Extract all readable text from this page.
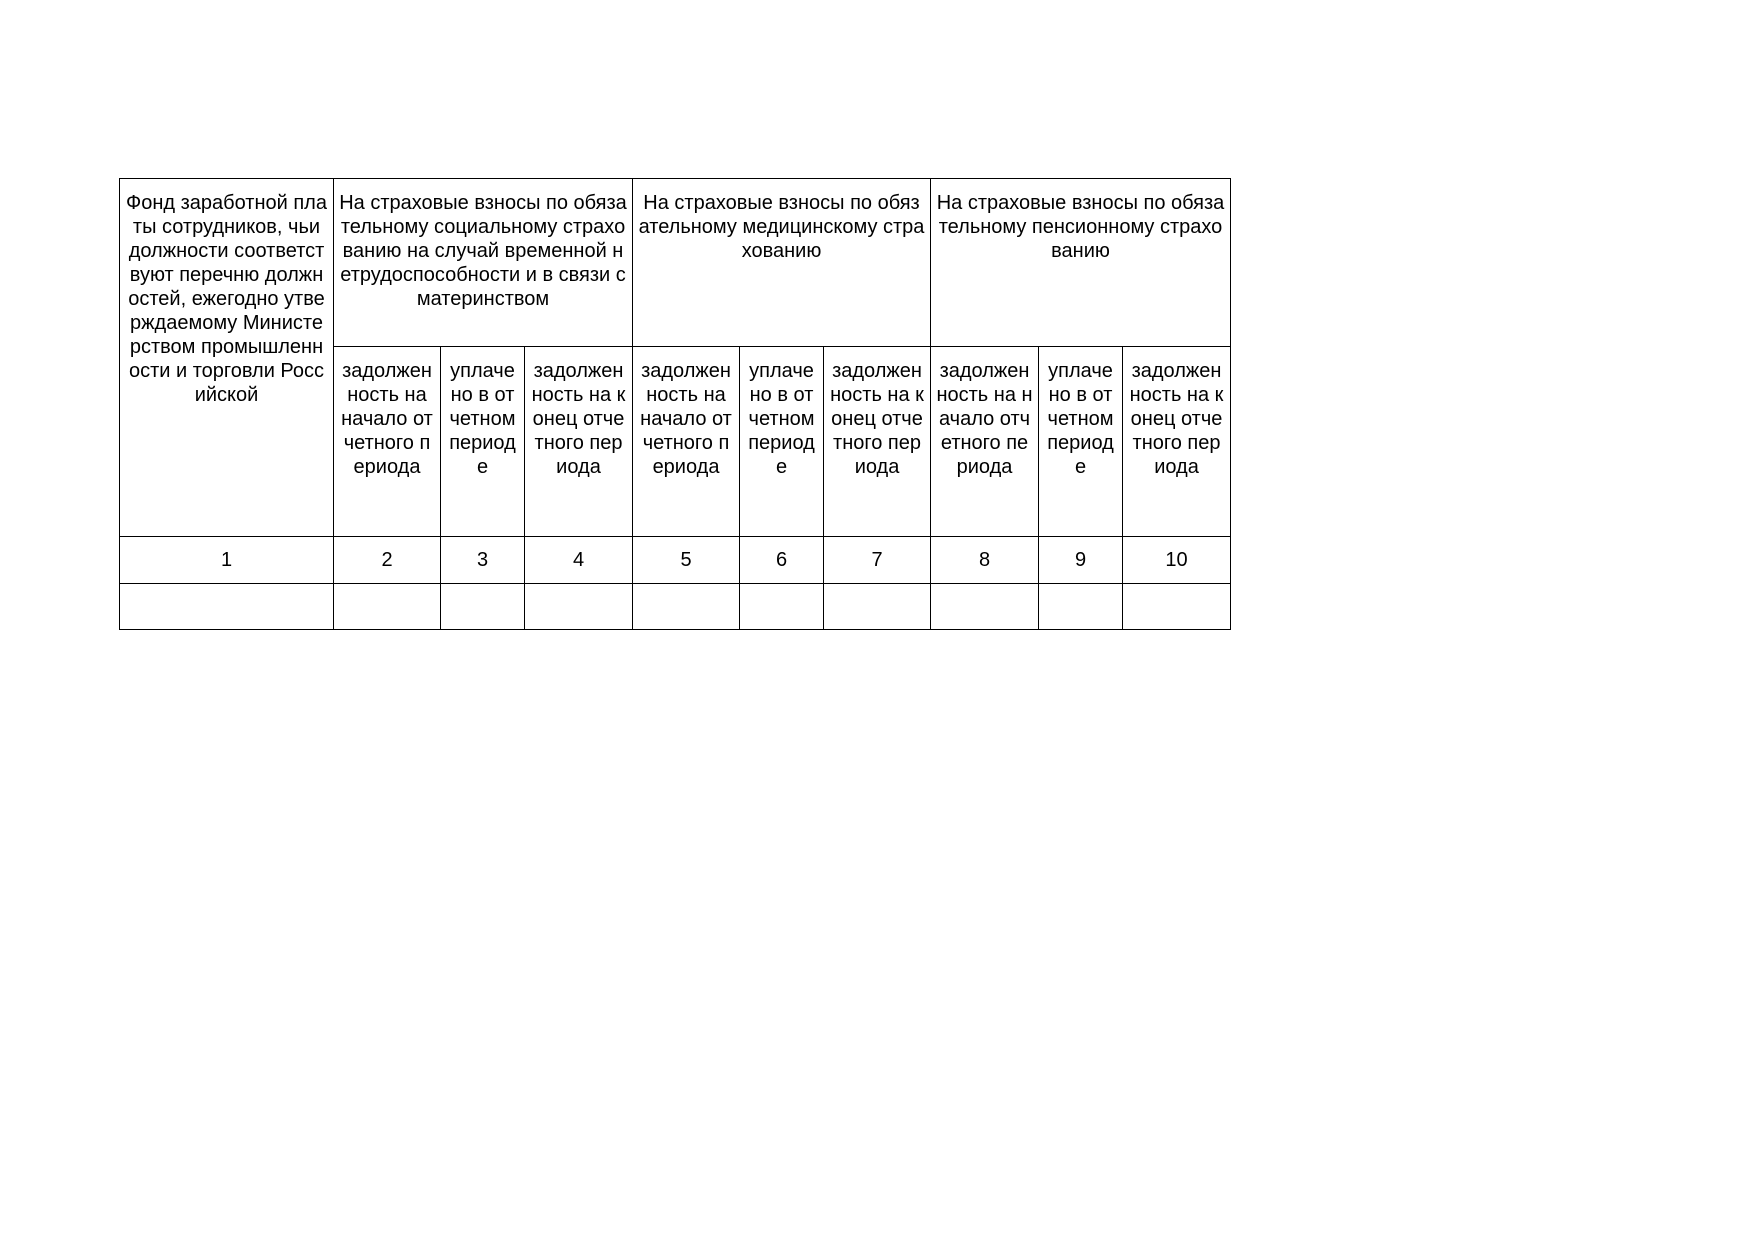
Фонд заработной платы сотрудников, чьи должности соответствуют перечню должностей, ежегодно утверждаемому Министерством промышленности и торговли Российской	На страховые взносы по обязательному социальному страхованию на случай временной нетрудоспособности и в связи с материнством			На страховые взносы по обязательному медицинскому страхованию			На страховые взносы по обязательному пенсионному страхованию		
	задолженность на начало отчетного периода	уплачено в отчетном периоде	задолженность на конец отчетного периода	задолженность на начало отчетного периода	уплачено в отчетном периоде	задолженность на конец отчетного периода	задолженность на начало отчетного периода	уплачено в отчетном периоде	задолженность на конец отчетного периода
1	2	3	4	5	6	7	8	9	10
